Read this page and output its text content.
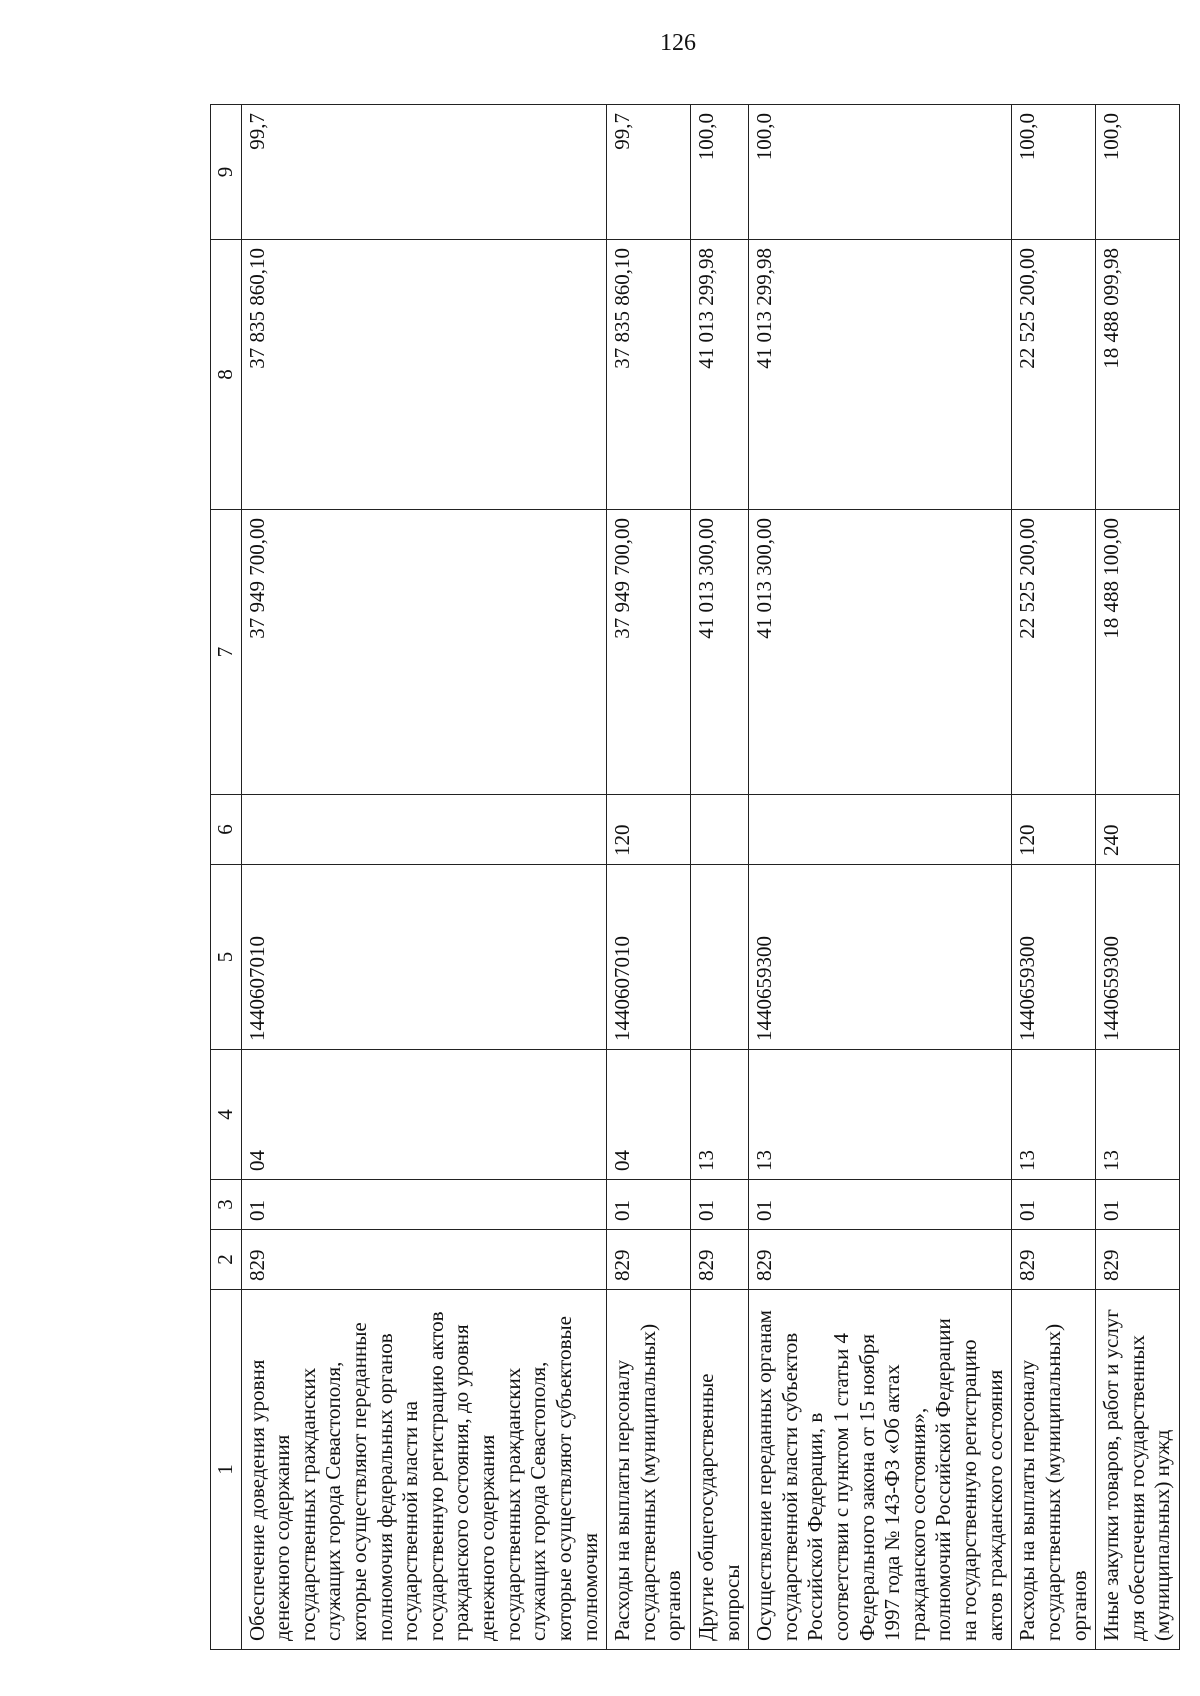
126
1	2	3	4	5	6	7	8	9
Обеспечение доведения уровня денежного содержания государственных гражданских служащих города Севастополя, которые осуществляют переданные полномочия федеральных органов государственной власти на государственную регистрацию актов гражданского состояния, до уровня денежного содержания государственных гражданских служащих города Севастополя, которые осуществляют субъектовые полномочия	829	01	04	1440607010		37 949 700,00	37 835 860,10	99,7
Расходы на выплаты персоналу государственных (муниципальных) органов	829	01	04	1440607010	120	37 949 700,00	37 835 860,10	99,7
Другие общегосударственные вопросы	829	01	13			41 013 300,00	41 013 299,98	100,0
Осуществление переданных органам государственной власти субъектов Российской Федерации, в соответствии с пунктом 1 статьи 4 Федерального закона от 15 ноября 1997 года № 143-ФЗ «Об актах гражданского состояния», полномочий Российской Федерации на государственную регистрацию актов гражданского состояния	829	01	13	1440659300		41 013 300,00	41 013 299,98	100,0
Расходы на выплаты персоналу государственных (муниципальных) органов	829	01	13	1440659300	120	22 525 200,00	22 525 200,00	100,0
Иные закупки товаров, работ и услуг для обеспечения государственных (муниципальных) нужд	829	01	13	1440659300	240	18 488 100,00	18 488 099,98	100,0
